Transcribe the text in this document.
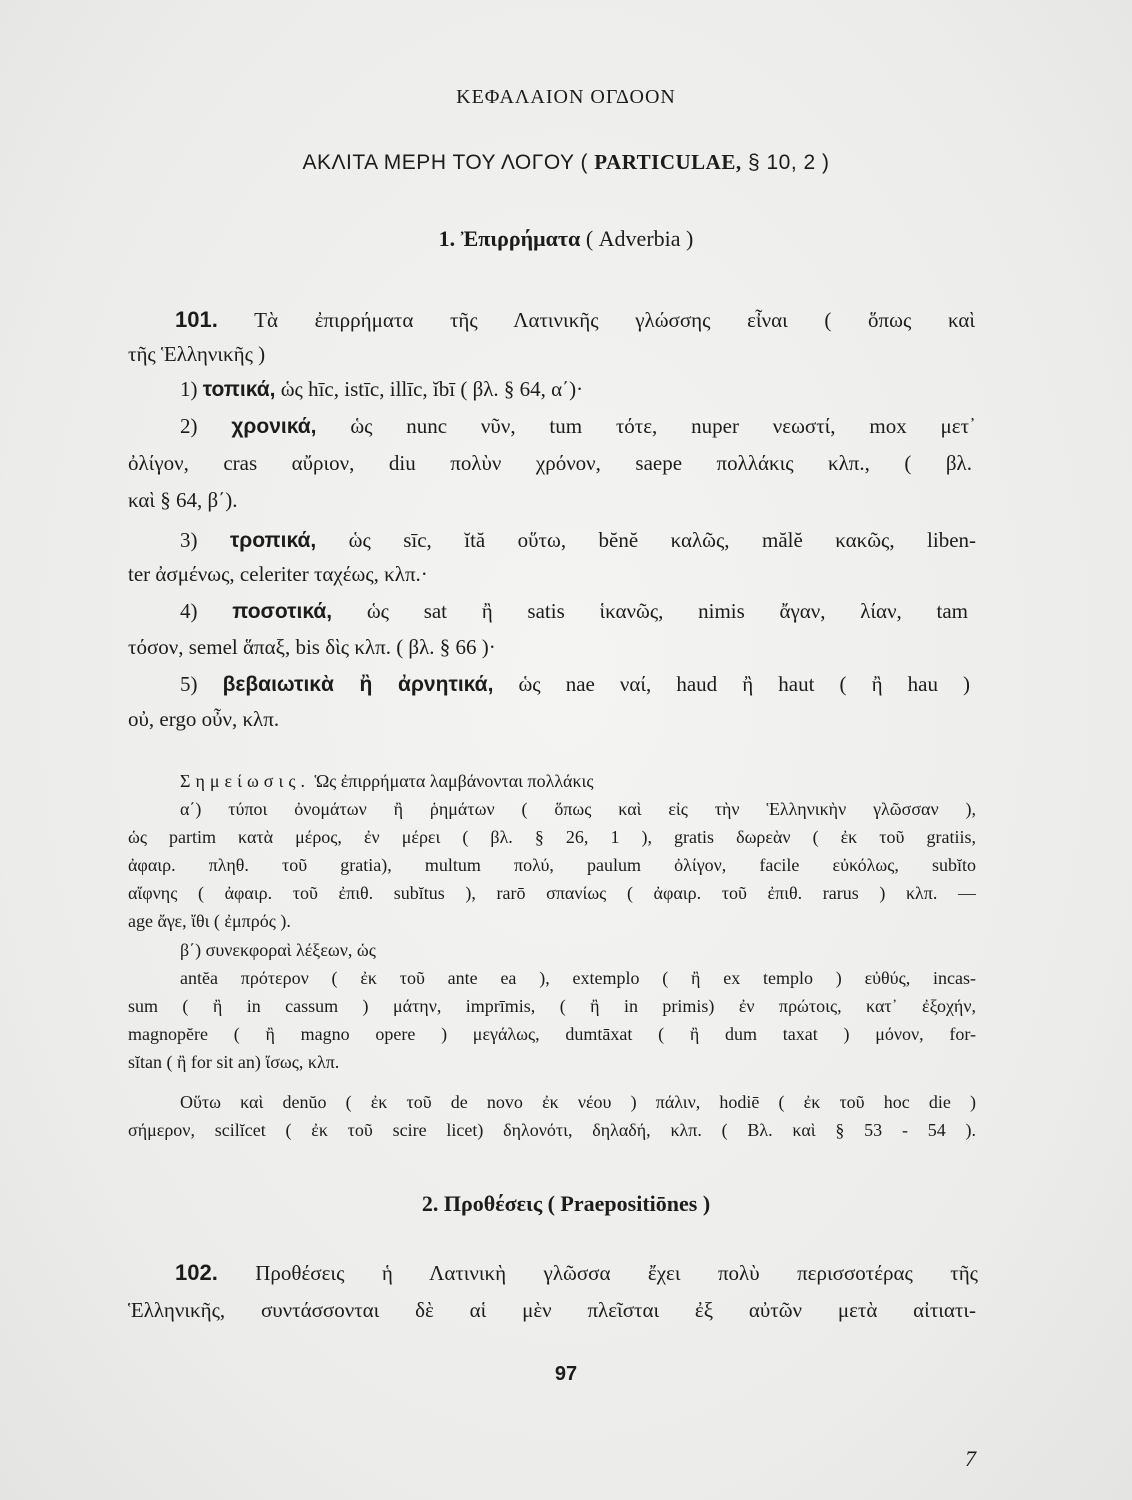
ΚΕΦΑΛΑΙΟΝ ΟΓΔΟΟΝ
ΑΚΛΙΤΑ ΜΕΡΗ ΤΟΥ ΛΟΓΟΥ ( PARTICULAE, § 10, 2 )
1. Ἐπιρρήματα ( Adverbia )
101. Τὰ ἐπιρρήματα τῆς Λατινικῆς γλώσσης εἶναι ( ὅπως καὶ
τῆς Ἑλληνικῆς )
1) τοπικά, ὡς hīc, istīc, illīc, ĭbī ( βλ. § 64, α΄)·
2) χρονικά, ὡς nunc νῦν, tum τότε, nuper νεωστί, mox μετ᾽
ὀλίγον, cras αὔριον, diu πολὺν χρόνον, saepe πολλάκις κλπ., ( βλ.
καὶ § 64, β΄).
3) τροπικά, ὡς sīc, ĭtă οὕτω, bĕnĕ καλῶς, mălĕ κακῶς, liben-
ter ἀσμένως, celeriter ταχέως, κλπ.·
4) ποσοτικά, ὡς sat ἢ satis ἱκανῶς, nimis ἄγαν, λίαν, tam
τόσον, semel ἅπαξ, bis δὶς κλπ. ( βλ. § 66 )·
5) βεβαιωτικὰ ἢ ἀρνητικά, ὡς nae ναί, haud ἢ haut ( ἢ hau )
οὐ, ergo οὖν, κλπ.
Σημείωσις. Ὡς ἐπιρρήματα λαμβάνονται πολλάκις
α΄) τύποι ὀνομάτων ἢ ῥημάτων ( ὅπως καὶ εἰς τὴν Ἑλληνικὴν γλῶσσαν ),
ὡς partim κατὰ μέρος, ἐν μέρει ( βλ. § 26, 1 ), gratis δωρεὰν ( ἐκ τοῦ gratiis,
ἀφαιρ. πληθ. τοῦ gratia), multum πολύ, paulum ὀλίγον, facile εὐκόλως, subĭto
αἴφνης ( ἀφαιρ. τοῦ ἐπιθ. subĭtus ), rarō σπανίως ( ἀφαιρ. τοῦ ἐπιθ. rarus ) κλπ. —
age ἄγε, ἴθι ( ἐμπρός ).
β΄) συνεκφοραὶ λέξεων, ὡς
antĕa πρότερον ( ἐκ τοῦ ante ea ), extemplo ( ἢ ex templo ) εὐθύς, incas-
sum ( ἢ in cassum ) μάτην, imprīmis, ( ἢ in primis) ἐν πρώτοις, κατ᾽ ἐξοχήν,
magnopĕre ( ἢ magno opere ) μεγάλως, dumtāxat ( ἢ dum taxat ) μόνον, for-
sĭtan ( ἢ for sit an) ἴσως, κλπ.
Οὕτω καὶ denŭo ( ἐκ τοῦ de novo ἐκ νέου ) πάλιν, hodiē ( ἐκ τοῦ hoc die )
σήμερον, scilĭcet ( ἐκ τοῦ scire licet) δηλονότι, δηλαδή, κλπ. ( Βλ. καὶ § 53 - 54 ).
2. Προθέσεις ( Praepositiōnes )
102. Προθέσεις ἡ Λατινικὴ γλῶσσα ἔχει πολὺ περισσοτέρας τῆς
Ἑλληνικῆς, συντάσσονται δὲ αἱ μὲν πλεῖσται ἐξ αὐτῶν μετὰ αἰτιατι-
97
7
